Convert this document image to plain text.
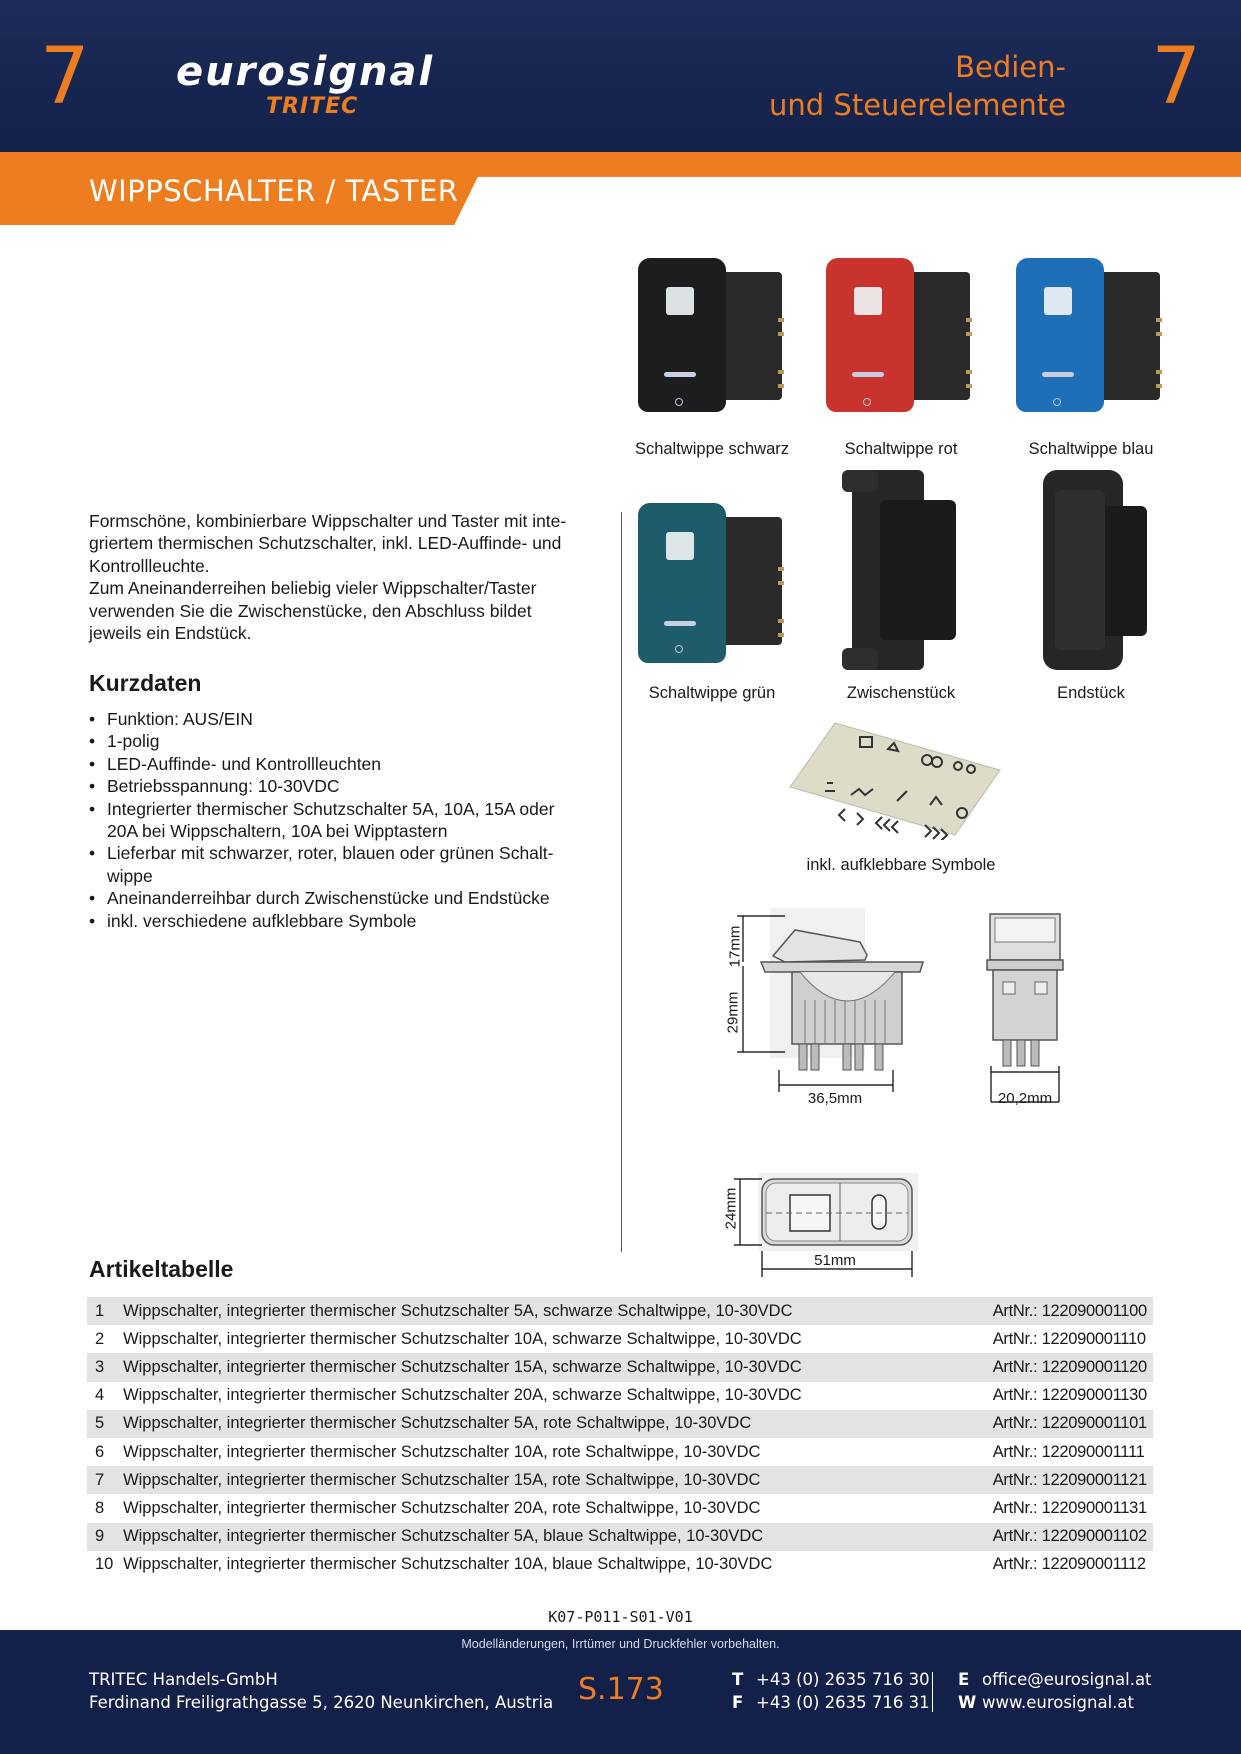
7 eurosignal
TRITEC
Bedien-
und Steuerelemente 7
WIPPSCHALTER / TASTER
Schaltwippe schwarz	Schaltwippe rot	Schaltwippe blau
Schaltwippe grün	Zwischenstück	Endstück
inkl. aufklebbare Symbole
17mm
29mm
36,5mm	20,2mm
24mm
51mm

Formschöne, kombinierbare Wippschalter und Taster mit inte-
griertem thermischen Schutzschalter, inkl. LED-Auffinde- und
Kontrollleuchte.

Zum Aneinanderreihen beliebig vieler Wippschalter/Taster
verwenden Sie die Zwischenstücke, den Abschluss bildet
jeweils ein Endstück.

Kurzdaten
• Funktion: AUS/EIN
• 1-polig
• LED-Auffinde- und Kontrollleuchten
• Betriebsspannung: 10-30VDC
• Integrierter thermischer Schutzschalter 5A, 10A, 15A oder
20A bei Wippschaltern, 10A bei Wipptastern
• Lieferbar mit schwarzer, roter, blauen oder grünen Schalt-
wippe
• Aneinanderreihbar durch Zwischenstücke und Endstücke
• inkl. verschiedene aufklebbare Symbole
Artikeltabelle
1	Wippschalter, integrierter thermischer Schutzschalter 5A, schwarze Schaltwippe, 10-30VDC	ArtNr.: 122090001100
2	Wippschalter, integrierter thermischer Schutzschalter 10A, schwarze Schaltwippe, 10-30VDC	ArtNr.: 122090001110
3	Wippschalter, integrierter thermischer Schutzschalter 15A, schwarze Schaltwippe, 10-30VDC	ArtNr.: 122090001120
4	Wippschalter, integrierter thermischer Schutzschalter 20A, schwarze Schaltwippe, 10-30VDC	ArtNr.: 122090001130
5	Wippschalter, integrierter thermischer Schutzschalter 5A, rote Schaltwippe, 10-30VDC	ArtNr.: 122090001101
6	Wippschalter, integrierter thermischer Schutzschalter 10A, rote Schaltwippe, 10-30VDC	ArtNr.: 122090001111
7	Wippschalter, integrierter thermischer Schutzschalter 15A, rote Schaltwippe, 10-30VDC	ArtNr.: 122090001121
8	Wippschalter, integrierter thermischer Schutzschalter 20A, rote Schaltwippe, 10-30VDC	ArtNr.: 122090001131
9	Wippschalter, integrierter thermischer Schutzschalter 5A, blaue Schaltwippe, 10-30VDC	ArtNr.: 122090001102
10	Wippschalter, integrierter thermischer Schutzschalter 10A, blaue Schaltwippe, 10-30VDC	ArtNr.: 122090001112
K07-P011-S01-V01
Modelländerungen, Irrtümer und Druckfehler vorbehalten.
TRITEC Handels-GmbH
Ferdinand Freiligrathgasse 5, 2620 Neunkirchen, Austria S.173	T +43 (0) 2635 716 30
F +43 (0) 2635 716 31
E office@eurosignal.at
W www.eurosignal.at
